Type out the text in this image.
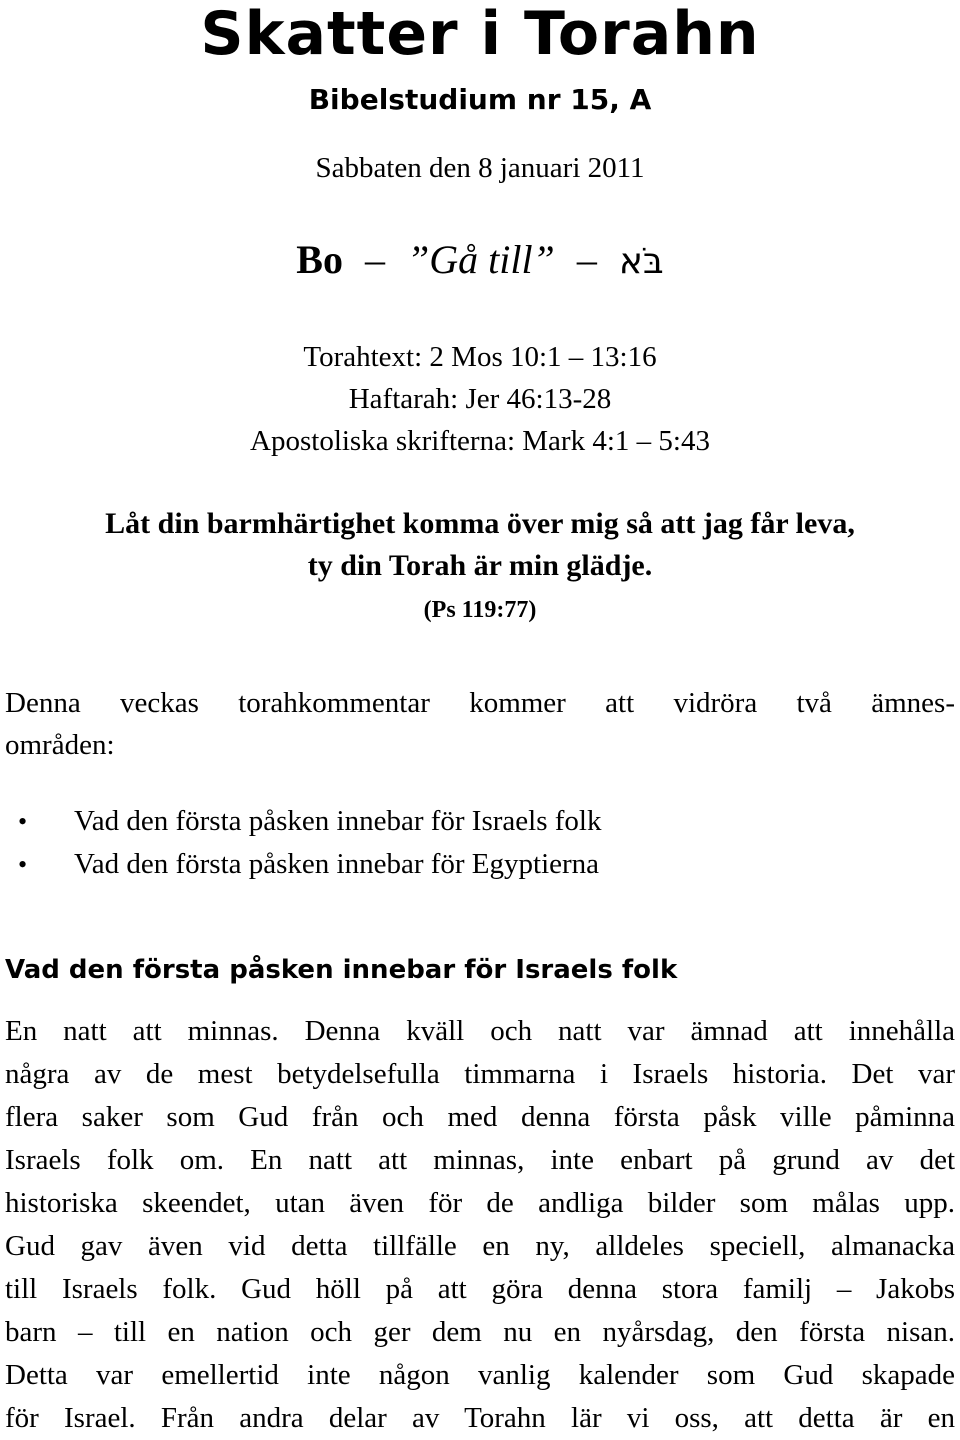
Skatter i Torahn
Bibelstudium nr 15, A
Sabbaten den 8 januari 2011
Bo – ”Gå till” – בֹּא
Torahtext: 2 Mos 10:1 – 13:16
Haftarah: Jer 46:13-28
Apostoliska skrifterna: Mark 4:1 – 5:43
Låt din barmhärtighet komma över mig så att jag får leva,
ty din Torah är min glädje.
(Ps 119:77)
Denna veckas torahkommentar kommer att vidröra två ämnes-
områden:
• Vad den första påsken innebar för Israels folk
• Vad den första påsken innebar för Egyptierna
Vad den första påsken innebar för Israels folk
En natt att minnas. Denna kväll och natt var ämnad att innehålla
några av de mest betydelsefulla timmarna i Israels historia. Det var
flera saker som Gud från och med denna första påsk ville påminna
Israels folk om. En natt att minnas, inte enbart på grund av det
historiska skeendet, utan även för de andliga bilder som målas upp.
Gud gav även vid detta tillfälle en ny, alldeles speciell, almanacka
till Israels folk. Gud höll på att göra denna stora familj – Jakobs
barn – till en nation och ger dem nu en nyårsdag, den första nisan.
Detta var emellertid inte någon vanlig kalender som Gud skapade
för Israel. Från andra delar av Torahn lär vi oss, att detta är en
